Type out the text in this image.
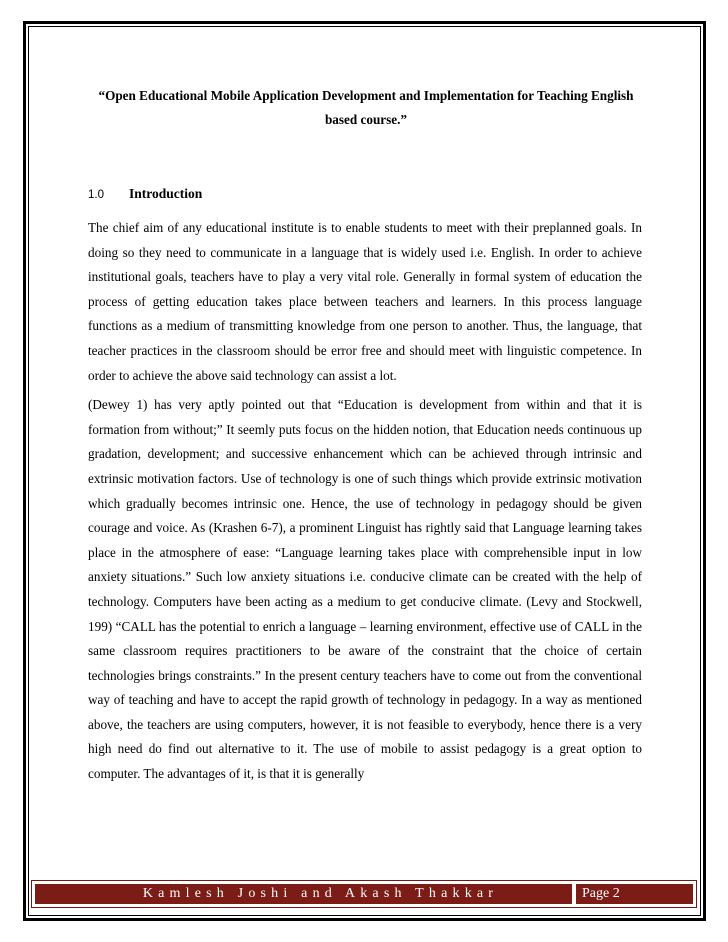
“Open Educational Mobile Application Development and Implementation for Teaching English based course.”
1.0 Introduction

The chief aim of any educational institute is to enable students to meet with their preplanned goals. In doing so they need to communicate in a language that is widely used i.e. English. In order to achieve institutional goals, teachers have to play a very vital role. Generally in formal system of education the process of getting education takes place between teachers and learners. In this process language functions as a medium of transmitting knowledge from one person to another. Thus, the language, that teacher practices in the classroom should be error free and should meet with linguistic competence. In order to achieve the above said technology can assist a lot.

(Dewey 1) has very aptly pointed out that “Education is development from within and that it is formation from without;” It seemly puts focus on the hidden notion, that Education needs continuous up gradation, development; and successive enhancement which can be achieved through intrinsic and extrinsic motivation factors. Use of technology is one of such things which provide extrinsic motivation which gradually becomes intrinsic one. Hence, the use of technology in pedagogy should be given courage and voice. As (Krashen 6-7), a prominent Linguist has rightly said that Language learning takes place in the atmosphere of ease: “Language learning takes place with comprehensible input in low anxiety situations.” Such low anxiety situations i.e. conducive climate can be created with the help of technology. Computers have been acting as a medium to get conducive climate. (Levy and Stockwell, 199) “CALL has the potential to enrich a language – learning environment, effective use of CALL in the same classroom requires practitioners to be aware of the constraint that the choice of certain technologies brings constraints.” In the present century teachers have to come out from the conventional way of teaching and have to accept the rapid growth of technology in pedagogy. In a way as mentioned above, the teachers are using computers, however, it is not feasible to everybody, hence there is a very high need do find out alternative to it. The use of mobile to assist pedagogy is a great option to computer. The advantages of it, is that it is generally

Kamlesh Joshi and Akash Thakkar	Page 2
